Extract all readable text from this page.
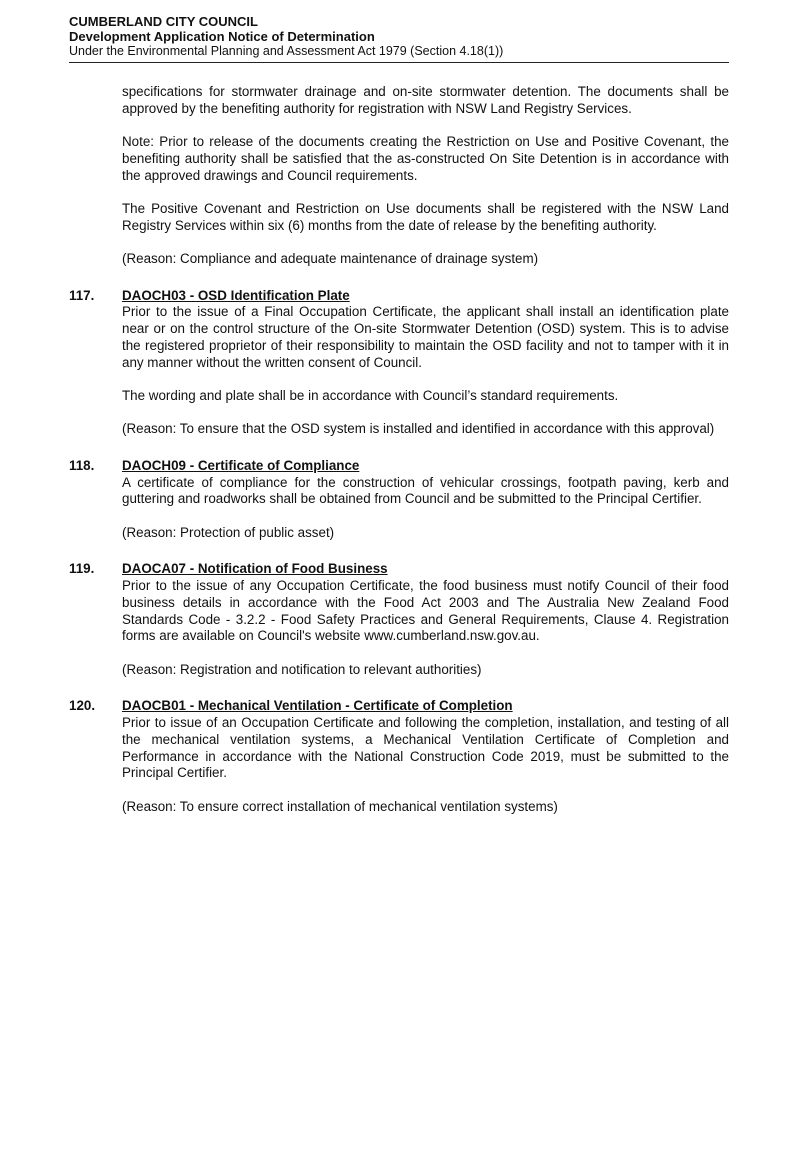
CUMBERLAND CITY COUNCIL
Development Application Notice of Determination
Under the Environmental Planning and Assessment Act 1979 (Section 4.18(1))

specifications for stormwater drainage and on-site stormwater detention. The documents shall be approved by the benefiting authority for registration with NSW Land Registry Services.

Note: Prior to release of the documents creating the Restriction on Use and Positive Covenant, the benefiting authority shall be satisfied that the as-constructed On Site Detention is in accordance with the approved drawings and Council requirements.

The Positive Covenant and Restriction on Use documents shall be registered with the NSW Land Registry Services within six (6) months from the date of release by the benefiting authority.

(Reason: Compliance and adequate maintenance of drainage system)

117. DAOCH03 - OSD Identification Plate

Prior to the issue of a Final Occupation Certificate, the applicant shall install an identification plate near or on the control structure of the On-site Stormwater Detention (OSD) system. This is to advise the registered proprietor of their responsibility to maintain the OSD facility and not to tamper with it in any manner without the written consent of Council.

The wording and plate shall be in accordance with Council’s standard requirements.

(Reason: To ensure that the OSD system is installed and identified in accordance with this approval)

118. DAOCH09 - Certificate of Compliance

A certificate of compliance for the construction of vehicular crossings, footpath paving, kerb and guttering and roadworks shall be obtained from Council and be submitted to the Principal Certifier.

(Reason: Protection of public asset)

119. DAOCA07 - Notification of Food Business

Prior to the issue of any Occupation Certificate, the food business must notify Council of their food business details in accordance with the Food Act 2003 and The Australia New Zealand Food Standards Code - 3.2.2 - Food Safety Practices and General Requirements, Clause 4. Registration forms are available on Council's website www.cumberland.nsw.gov.au.

(Reason: Registration and notification to relevant authorities)

120. DAOCB01 - Mechanical Ventilation - Certificate of Completion

Prior to issue of an Occupation Certificate and following the completion, installation, and testing of all the mechanical ventilation systems, a Mechanical Ventilation Certificate of Completion and Performance in accordance with the National Construction Code 2019, must be submitted to the Principal Certifier.

(Reason: To ensure correct installation of mechanical ventilation systems)
